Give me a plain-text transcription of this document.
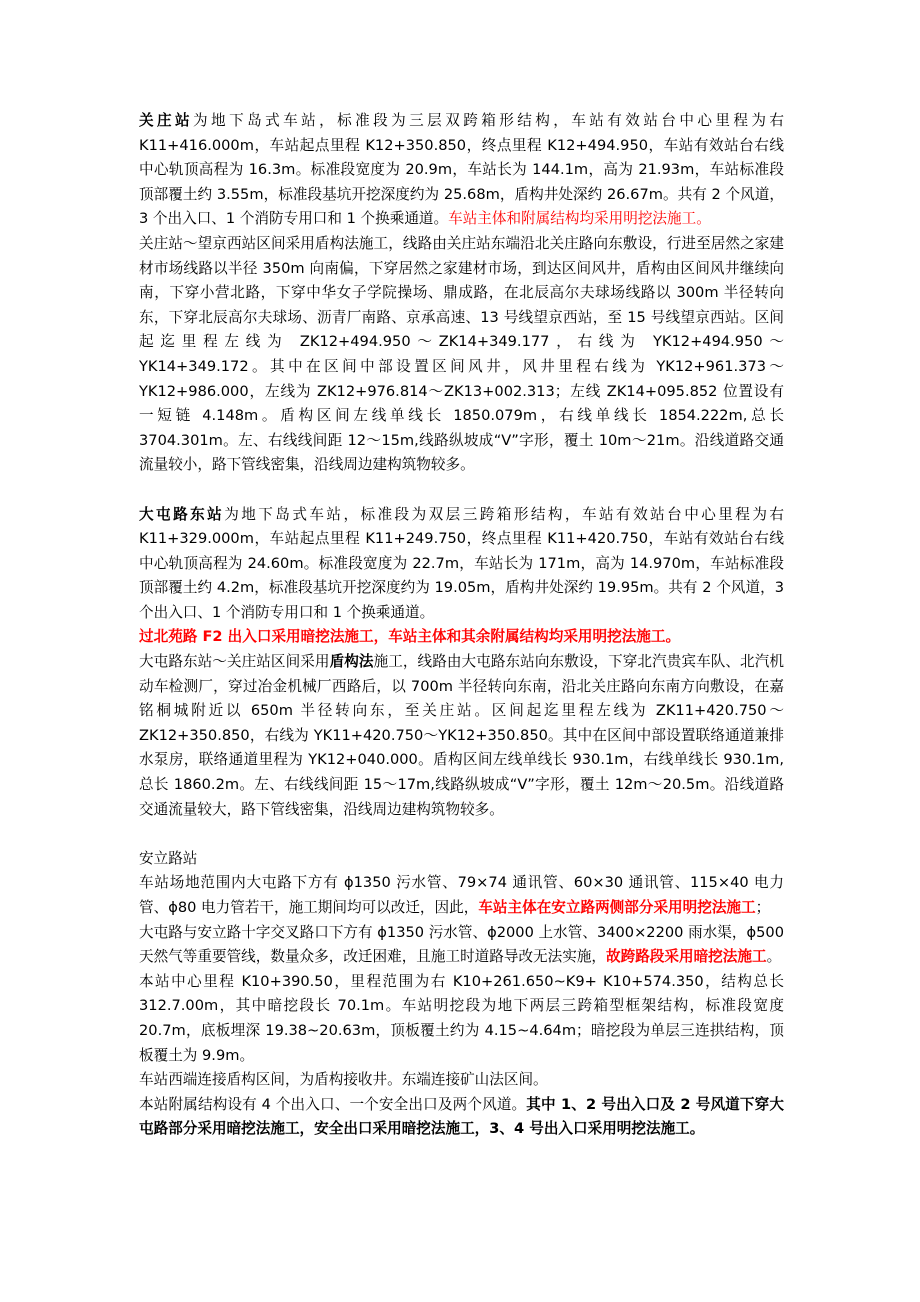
关庄站为地下岛式车站，标准段为三层双跨箱形结构，车站有效站台中心里程为右K11+416.000m，车站起点里程 K12+350.850，终点里程 K12+494.950，车站有效站台右线中心轨顶高程为 16.3m。标准段宽度为 20.9m，车站长为 144.1m，高为 21.93m，车站标准段顶部覆土约 3.55m，标准段基坑开挖深度约为 25.68m，盾构井处深约 26.67m。共有 2 个风道，3 个出入口、1 个消防专用口和 1 个换乘通道。车站主体和附属结构均采用明挖法施工。

关庄站～望京西站区间采用盾构法施工，线路由关庄站东端沿北关庄路向东敷设，行进至居然之家建材市场线路以半径 350m 向南偏，下穿居然之家建材市场，到达区间风井，盾构由区间风井继续向南，下穿小营北路，下穿中华女子学院操场、鼎成路，在北辰高尔夫球场线路以 300m 半径转向东，下穿北辰高尔夫球场、沥青厂南路、京承高速、13 号线望京西站，至 15 号线望京西站。区间起迄里程左线为 ZK12+494.950～ZK14+349.177，右线为 YK12+494.950～YK14+349.172。其中在区间中部设置区间风井，风井里程右线为 YK12+961.373～YK12+986.000，左线为 ZK12+976.814～ZK13+002.313；左线 ZK14+095.852 位置设有一短链 4.148m。盾构区间左线单线长 1850.079m，右线单线长 1854.222m,总长 3704.301m。左、右线线间距 12～15m,线路纵坡成“V”字形，覆土 10m～21m。沿线道路交通流量较小，路下管线密集，沿线周边建构筑物较多。

大屯路东站为地下岛式车站，标准段为双层三跨箱形结构，车站有效站台中心里程为右K11+329.000m，车站起点里程 K11+249.750，终点里程 K11+420.750，车站有效站台右线中心轨顶高程为 24.60m。标准段宽度为 22.7m，车站长为 171m，高为 14.970m，车站标准段顶部覆土约 4.2m，标准段基坑开挖深度约为 19.05m，盾构井处深约 19.95m。共有 2 个风道，3 个出入口、1 个消防专用口和 1 个换乘通道。

过北苑路 F2 出入口采用暗挖法施工，车站主体和其余附属结构均采用明挖法施工。

大屯路东站～关庄站区间采用盾构法施工，线路由大屯路东站向东敷设，下穿北汽贵宾车队、北汽机动车检测厂，穿过冶金机械厂西路后，以 700m 半径转向东南，沿北关庄路向东南方向敷设，在嘉铭桐城附近以 650m 半径转向东，至关庄站。区间起迄里程左线为 ZK11+420.750～ZK12+350.850，右线为 YK11+420.750～YK12+350.850。其中在区间中部设置联络通道兼排水泵房，联络通道里程为 YK12+040.000。盾构区间左线单线长 930.1m，右线单线长 930.1m,总长 1860.2m。左、右线线间距 15～17m,线路纵坡成“V”字形，覆土 12m～20.5m。沿线道路交通流量较大，路下管线密集，沿线周边建构筑物较多。

安立路站

车站场地范围内大屯路下方有 ϕ1350 污水管、79×74 通讯管、60×30 通讯管、115×40 电力管、ϕ80 电力管若干，施工期间均可以改迁，因此，车站主体在安立路两侧部分采用明挖法施工；

大屯路与安立路十字交叉路口下方有 ϕ1350 污水管、ϕ2000 上水管、3400×2200 雨水渠，ϕ500 天然气等重要管线，数量众多，改迁困难，且施工时道路导改无法实施，故跨路段采用暗挖法施工。

本站中心里程 K10+390.50，里程范围为右 K10+261.650~K9+ K10+574.350，结构总长 312.7.00m，其中暗挖段长 70.1m。车站明挖段为地下两层三跨箱型框架结构，标准段宽度 20.7m，底板埋深 19.38~20.63m，顶板覆土约为 4.15~4.64m；暗挖段为单层三连拱结构，顶板覆土为 9.9m。

车站西端连接盾构区间，为盾构接收井。东端连接矿山法区间。

本站附属结构设有 4 个出入口、一个安全出口及两个风道。其中 1、2 号出入口及 2 号风道下穿大屯路部分采用暗挖法施工，安全出口采用暗挖法施工，3、4 号出入口采用明挖法施工。
